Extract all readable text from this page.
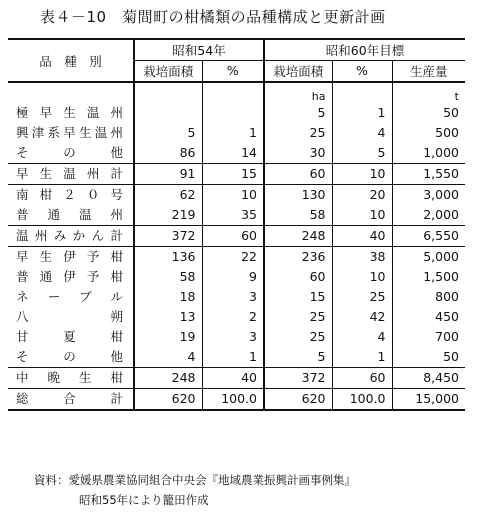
表４－10　菊間町の柑橘類の品種構成と更新計画
品　種　別	昭和54年		昭和60年目標		
	栽培面積	%	栽培面積	%	生産量

			ha		t
極早生温州			5	1	50
興津系早生温州	5	1	25	4	500
そ　の　他	86	14	30	5	1,000
早生温州計	91	15	60	10	1,550
南柑２０号	62	10	130	20	3,000
普通温州	219	35	58	10	2,000
温州みかん計	372	60	248	40	6,550
早生伊予柑	136	22	236	38	5,000
普通伊予柑	58	9	60	10	1,500
ネーブル	18	3	15	25	800
八　　朔	13	2	25	42	450
甘　夏　柑	19	3	25	4	700
そ　の　他	4	1	5	1	50
中晩生柑	248	40	372	60	8,450
総　合　計	620	100.0	620	100.0	15,000
資料：愛媛県農業協同組合中央会『地域農業振興計画事例集』
昭和55年により籠田作成
